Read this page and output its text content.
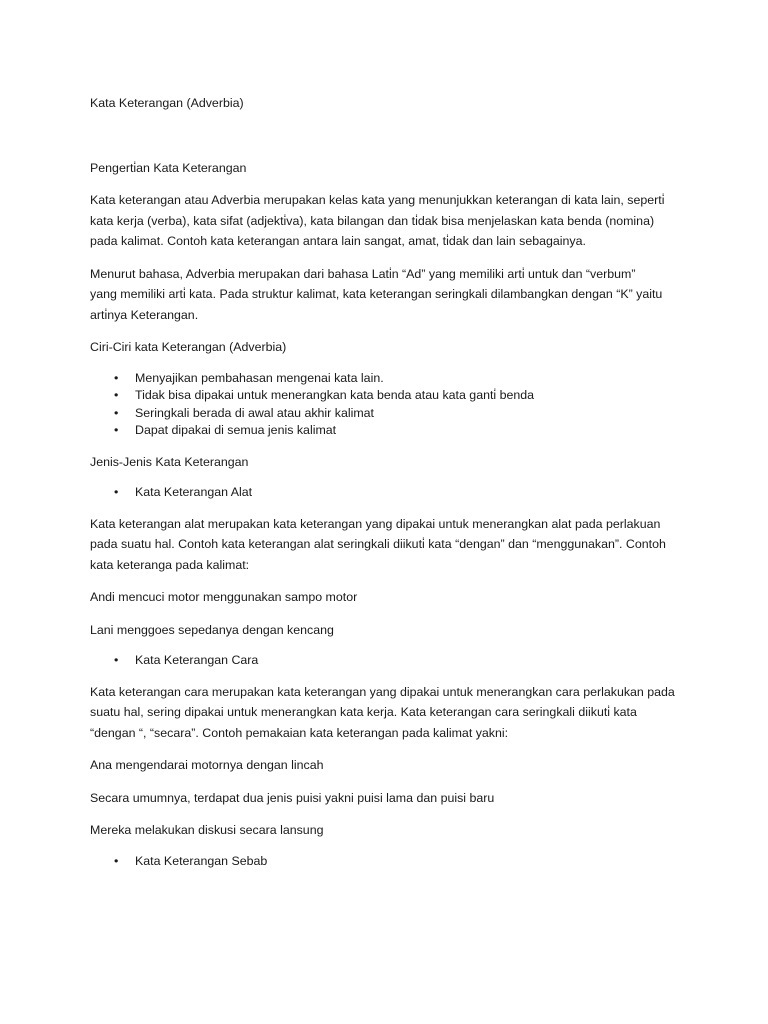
Kata Keterangan (Adverbia)

Pengerti̇an Kata Keterangan

Kata keterangan atau Adverbia merupakan kelas kata yang menunjukkan keterangan di kata lain, seperti̇
kata kerja (verba), kata sifat (adjekti̇va), kata bilangan dan ti̇dak bisa menjelaskan kata benda (nomina)
pada kalimat. Contoh kata keterangan antara lain sangat, amat, ti̇dak dan lain sebagainya.
Menurut bahasa, Adverbia merupakan dari bahasa Lati̇n “Ad” yang memiliki arti̇ untuk dan “verbum”
yang memiliki arti̇ kata. Pada struktur kalimat, kata keterangan seringkali dilambangkan dengan “K” yaitu
arti̇nya Keterangan.

Ciri-Ciri kata Keterangan (Adverbia)

• Menyajikan pembahasan mengenai kata lain.
• Tidak bisa dipakai untuk menerangkan kata benda atau kata ganti̇ benda
• Seringkali berada di awal atau akhir kalimat
• Dapat dipakai di semua jenis kalimat

Jenis-Jenis Kata Keterangan

• Kata Keterangan Alat
Kata keterangan alat merupakan kata keterangan yang dipakai untuk menerangkan alat pada perlakuan
pada suatu hal. Contoh kata keterangan alat seringkali diikuti̇ kata “dengan” dan “menggunakan”. Contoh
kata keteranga pada kalimat:

Andi mencuci motor menggunakan sampo motor

Lani menggoes sepedanya dengan kencang

• Kata Keterangan Cara
Kata keterangan cara merupakan kata keterangan yang dipakai untuk menerangkan cara perlakukan pada
suatu hal, sering dipakai untuk menerangkan kata kerja. Kata keterangan cara seringkali diikuti̇ kata
“dengan “, “secara”. Contoh pemakaian kata keterangan pada kalimat yakni:

Ana mengendarai motornya dengan lincah

Secara umumnya, terdapat dua jenis puisi yakni puisi lama dan puisi baru

Mereka melakukan diskusi secara lansung

• Kata Keterangan Sebab
